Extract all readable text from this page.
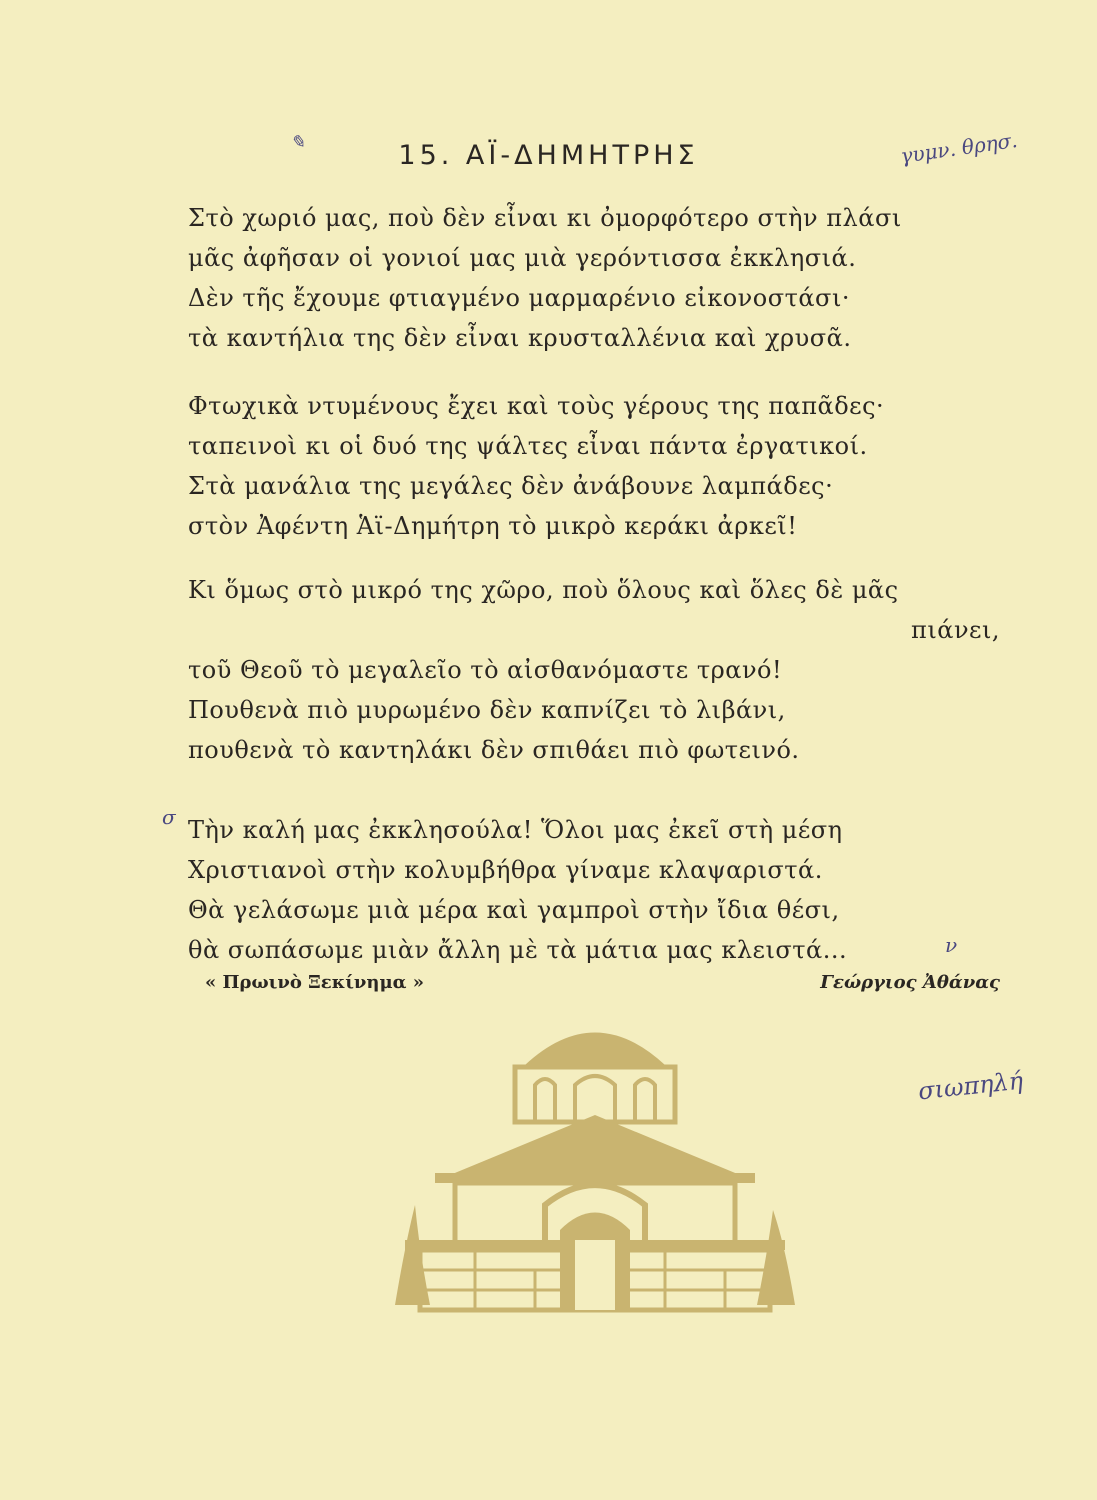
✎	15. ΑΪ-ΔΗΜΗΤΡΗΣ	γυμν. θρησ.
Στὸ χωριό μας, ποὺ δὲν εἶναι κι ὀμορφότερο στὴν πλάσι
μᾶς ἀφῆσαν οἱ γονιοί μας μιὰ γερόντισσα ἐκκλησιά.
Δὲν τῆς ἔχουμε φτιαγμένο μαρμαρένιο εἰκονοστάσι·
τὰ καντήλια της δὲν εἶναι κρυσταλλένια καὶ χρυσᾶ.
Φτωχικὰ ντυμένους ἔχει καὶ τοὺς γέρους της παπᾶδες·
ταπεινοὶ κι οἱ δυό της ψάλτες εἶναι πάντα ἐργατικοί.
Στὰ μανάλια της μεγάλες δὲν ἀνάβουνε λαμπάδες·
στὸν Ἀφέντη Ἁϊ-Δημήτρη τὸ μικρὸ κεράκι ἀρκεῖ!
Κι ὅμως στὸ μικρό της χῶρο, ποὺ ὅλους καὶ ὅλες δὲ μᾶς
πιάνει,
τοῦ Θεοῦ τὸ μεγαλεῖο τὸ αἰσθανόμαστε τρανό!
Πουθενὰ πιὸ μυρωμένο δὲν καπνίζει τὸ λιβάνι,
πουθενὰ τὸ καντηλάκι δὲν σπιθάει πιὸ φωτεινό.
σ Τὴν καλή μας ἐκκλησούλα! Ὅλοι μας ἐκεῖ στὴ μέση
Χριστιανοὶ στὴν κολυμβήθρα γίναμε κλαψαριστά.
Θὰ γελάσωμε μιὰ μέρα καὶ γαμπροὶ στὴν ἴδια θέσι,
θὰ σωπάσωμε μιὰν ἄλλη μὲ τὰ μάτια μας κλειστά...	ν
« Πρωινὸ Ξεκίνημα »	Γεώργιος Ἀθάνας
σιωπηλή
